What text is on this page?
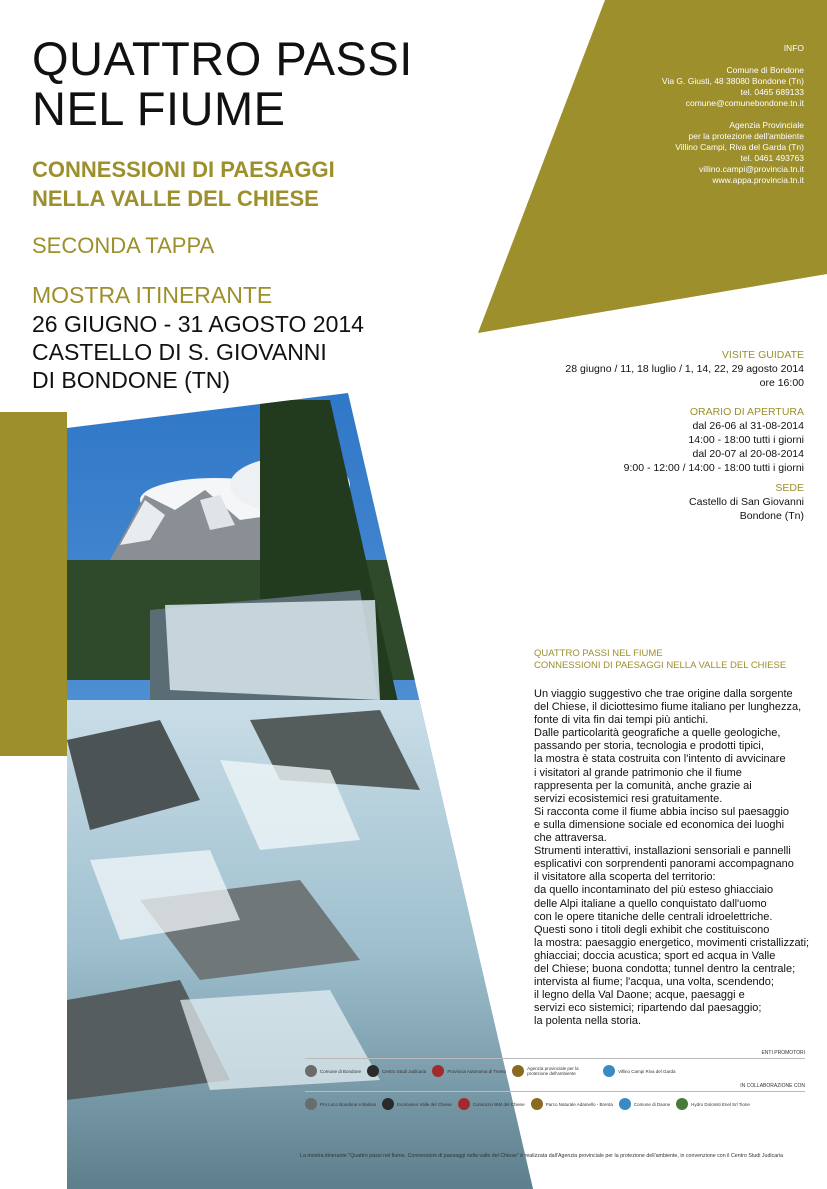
QUATTRO PASSI
NEL FIUME
CONNESSIONI DI PAESAGGI
NELLA VALLE DEL CHIESE
SECONDA TAPPA
MOSTRA ITINERANTE
26 GIUGNO - 31 AGOSTO 2014
CASTELLO DI S. GIOVANNI
DI BONDONE (TN)
INFO
Comune di Bondone
Via G. Giusti, 48 38080 Bondone (Tn)
tel. 0465 689133
comune@comunebondone.tn.it
Agenzia Provinciale
per la protezione dell'ambiente
Villino Campi, Riva del Garda (Tn)
tel. 0461 493763
villino.campi@provincia.tn.it
www.appa.provincia.tn.it
VISITE GUIDATE
28 giugno / 11, 18 luglio / 1, 14, 22, 29 agosto 2014
ore 16:00
ORARIO DI APERTURA
dal 26-06 al 31-08-2014
14:00 - 18:00 tutti i giorni
dal 20-07 al 20-08-2014
9:00 - 12:00 / 14:00 - 18:00 tutti i giorni
SEDE
Castello di San Giovanni
Bondone (Tn)
QUATTRO PASSI NEL FIUME
CONNESSIONI DI PAESAGGI NELLA VALLE DEL CHIESE
Un viaggio suggestivo che trae origine dalla sorgente
del Chiese, il diciottesimo fiume italiano per lunghezza,
fonte di vita fin dai tempi più antichi.
Dalle particolarità geografiche a quelle geologiche,
passando per storia, tecnologia e prodotti tipici,
la mostra è stata costruita con l'intento di avvicinare
i visitatori al grande patrimonio che il fiume
rappresenta per la comunità, anche grazie ai
servizi ecosistemici resi gratuitamente.
Si racconta come il fiume abbia inciso sul paesaggio
e sulla dimensione sociale ed economica dei luoghi
che attraversa.
Strumenti interattivi, installazioni sensoriali e pannelli
esplicativi con sorprendenti panorami accompagnano
il visitatore alla scoperta del territorio:
da quello incontaminato del più esteso ghiacciaio
delle Alpi italiane a quello conquistato dall'uomo
con le opere titaniche delle centrali idroelettriche.
Questi sono i titoli degli exhibit che costituiscono
la mostra: paesaggio energetico, movimenti cristallizzati;
ghiacciai; doccia acustica; sport ed acqua in Valle
del Chiese; buona condotta; tunnel dentro la centrale;
intervista al fiume; l'acqua, una volta, scendendo;
il legno della Val Daone; acque, paesaggi e
servizi eco sistemici; ripartendo dal paesaggio;
la polenta nella storia.
ENTI PROMOTORI
Comune di Bondone	Centro Studi Judicaria	Provincia Autonoma di Trento	Agenzia provinciale per la protezione dell'ambiente	Villino Campi Riva del Garda
IN COLLABORAZIONE CON
Pro Loco Bondone e Baitoni	Ecomuseo Valle del Chiese	Consorzio BIM del Chiese	Parco Naturale Adamello - Brenta	Comune di Daone	Hydro Dolomiti Enel Srl Tione
La mostra itinerante "Quattro passi nel fiume. Connessioni di paesaggi nella valle del Chiese" è realizzata dall'Agenzia provinciale per la protezione dell'ambiente, in convenzione con il Centro Studi Judicaria
